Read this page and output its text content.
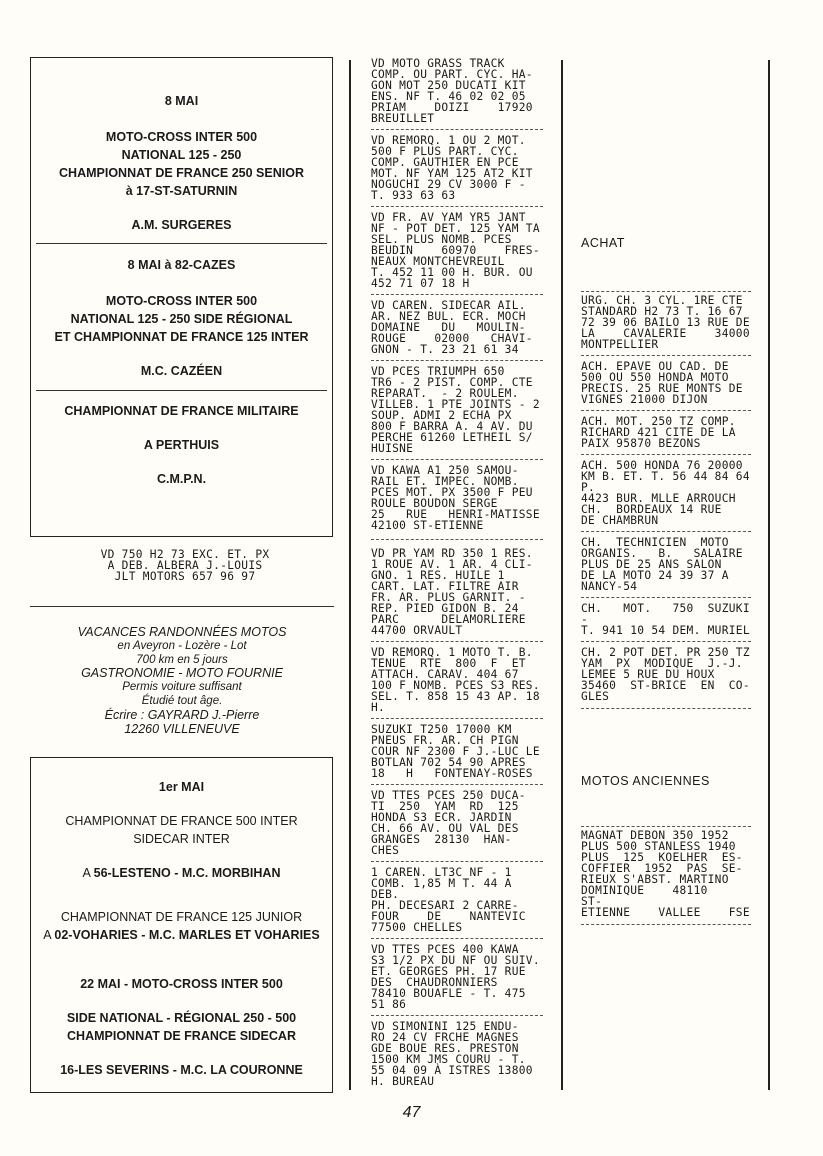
8 MAI
MOTO-CROSS INTER 500
NATIONAL 125 - 250
CHAMPIONNAT DE FRANCE 250 SENIOR
à 17-ST-SATURNIN
A.M. SURGERES
8 MAI à 82-CAZES
MOTO-CROSS INTER 500
NATIONAL 125 - 250 SIDE RÉGIONAL
ET CHAMPIONNAT DE FRANCE 125 INTER
M.C. CAZÉEN
CHAMPIONNAT DE FRANCE MILITAIRE
A PERTHUIS
C.M.P.N.
VD 750 H2 73 EXC. ET. PX
A DEB. ALBERA J.-LOUIS
JLT MOTORS 657 96 97
VACANCES RANDONNÉES MOTOS
en Aveyron - Lozère - Lot
700 km en 5 jours
GASTRONOMIE - MOTO FOURNIE
Permis voiture suffisant
Étudié tout âge.
Écrire : GAYRARD J.-Pierre
12260 VILLENEUVE
1er MAI
CHAMPIONNAT DE FRANCE 500 INTER
SIDECAR INTER
A 56-LESTENO - M.C. MORBIHAN
CHAMPIONNAT DE FRANCE 125 JUNIOR
A 02-VOHARIES - M.C. MARLES ET VOHARIES
22 MAI - MOTO-CROSS INTER 500
SIDE NATIONAL - RÉGIONAL 250 - 500
CHAMPIONNAT DE FRANCE SIDECAR
16-LES SEVERINS - M.C. LA COURONNE
VD MOTO GRASS TRACK
COMP. OU PART. CYC. HA-
GON MOT 250 DUCATI KIT
ENS. NF T. 46 02 02 05
PRIAM    DOIZI    17920
BREUILLET
VD REMORQ. 1 OU 2 MOT.
500 F PLUS PART. CYC.
COMP. GAUTHIER EN PCE
MOT. NF YAM 125 AT2 KIT
NOGUCHI 29 CV 3000 F -
T. 933 63 63
VD FR. AV YAM YR5 JANT
NF - POT DET. 125 YAM TA
SEL. PLUS NOMB. PCES
BEUDIN    60970    FRES-
NEAUX MONTCHEVREUIL
T. 452 11 00 H. BUR. OU
452 71 07 18 H
VD CAREN. SIDECAR AIL.
AR. NEZ BUL. ECR. MOCH
DOMAINE   DU   MOULIN-
ROUGE    02000   CHAVI-
GNON - T. 23 21 61 34
VD PCES TRIUMPH 650
TR6 - 2 PIST. COMP. CTE
REPARAT.  - 2 ROULEM.
VILLEB. 1 PTE JOINTS - 2
SOUP. ADMI 2 ECHA PX
800 F BARRA A. 4 AV. DU
PERCHE 61260 LETHEIL S/
HUISNE
VD KAWA A1 250 SAMOU-
RAIL ET. IMPEC. NOMB.
PCES MOT. PX 3500 F PEU
ROULE BOUDON SERGE
25   RUE   HENRI-MATISSE
42100 ST-ETIENNE
VD PR YAM RD 350 1 RES.
1 ROUE AV. 1 AR. 4 CLI-
GNO. 1 RES. HUILE 1
CART. LAT. FILTRE AIR
FR. AR. PLUS GARNIT. -
REP. PIED GIDON B. 24
PARC      DELAMORLIERE
44700 ORVAULT
VD REMORQ. 1 MOTO T. B.
TENUE  RTE  800  F  ET
ATTACH. CARAV. 404 67
100 F NOMB. PCES S3 RES.
SEL. T. 858 15 43 AP. 18 H.
SUZUKI T250 17000 KM
PNEUS FR. AR. CH PIGN
COUR NF 2300 F J.-LUC LE
BOTLAN 702 54 90 APRES
18   H   FONTENAY-ROSES
VD TTES PCES 250 DUCA-
TI  250  YAM  RD  125
HONDA S3 ECR. JARDIN
CH. 66 AV. OU VAL DES
GRANGES  28130  HAN-
CHES
1 CAREN. LT3C NF - 1
COMB. 1,85 M T. 44 A DEB.
PH. DECESARI 2 CARRE-
FOUR    DE    NANTEVIC
77500 CHELLES
VD TTES PCES 400 KAWA
S3 1/2 PX DU NF OU SUIV.
ET. GEORGES PH. 17 RUE
DES  CHAUDRONNIERS
78410 BOUAFLE - T. 475
51 86
VD SIMONINI 125 ENDU-
RO 24 CV FRCHE MAGNES
GDE BOUE RES. PRESTON
1500 KM JMS COURU - T.
55 04 09 À ISTRES 13800
H. BUREAU
ACHAT
URG. CH. 3 CYL. 1RE CTE
STANDARD H2 73 T. 16 67
72 39 06 BAILO 13 RUE DE
LA    CAVALERIE    34000
MONTPELLIER
ACH. EPAVE OU CAD. DE
500 OU 550 HONDA MOTO
PRECIS. 25 RUE MONTS DE
VIGNES 21000 DIJON
ACH. MOT. 250 TZ COMP.
RICHARD 421 CITE DE LA
PAIX 95870 BEZONS
ACH. 500 HONDA 76 20000
KM B. ET. T. 56 44 84 64 P.
4423 BUR. MLLE ARROUCH
CH.  BORDEAUX 14 RUE
DE CHAMBRUN
CH.  TECHNICIEN  MOTO
ORGANIS.   B.   SALAIRE
PLUS DE 25 ANS SALON
DE LA MOTO 24 39 37 A
NANCY-54
CH.   MOT.   750  SUZUKI  -
T. 941 10 54 DEM. MURIEL
CH. 2 POT DET. PR 250 TZ
YAM  PX  MODIQUE  J.-J.
LEMEE 5 RUE DU HOUX
35460  ST-BRICE  EN  CO-
GLES
MOTOS ANCIENNES
MAGNAT DEBON 350 1952
PLUS 500 STANLESS 1940
PLUS  125  KOELHER  ES-
COFFIER  1952  PAS  SE-
RIEUX S'ABST. MARTINO
DOMINIQUE    48110    ST-
ETIENNE    VALLEE    FSE
47
